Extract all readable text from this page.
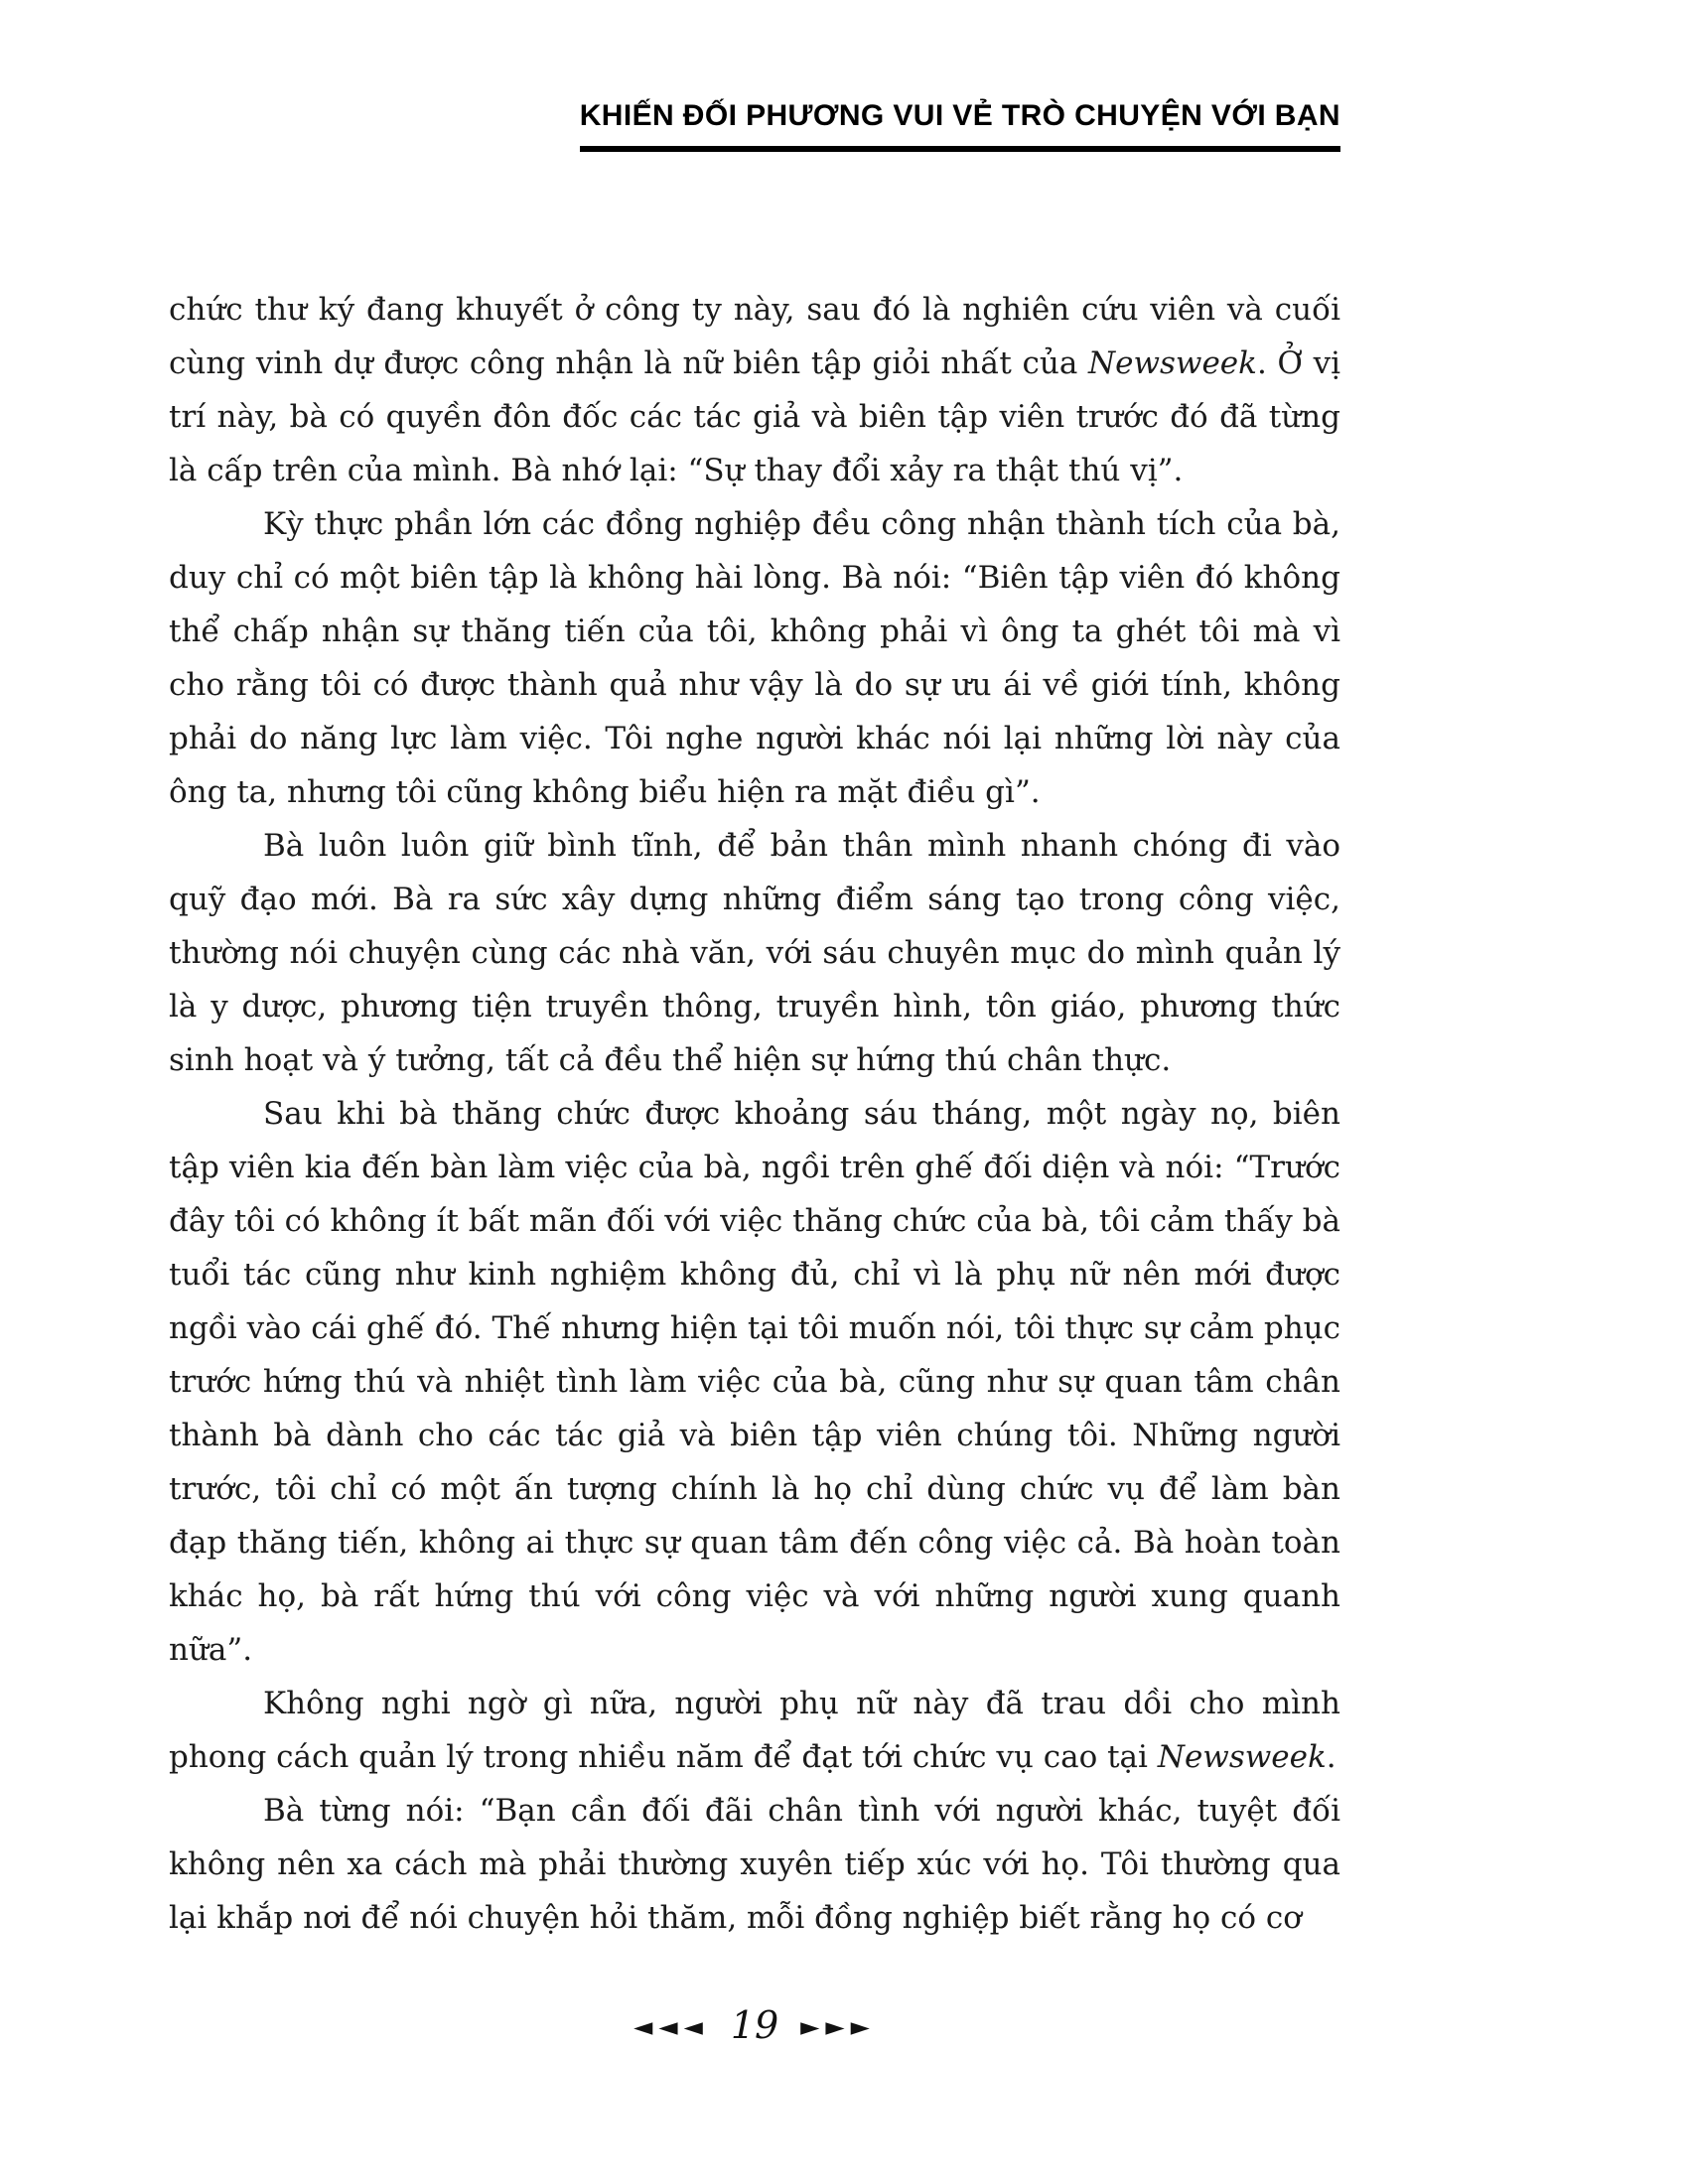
KHIẾN ĐỐI PHƯƠNG VUI VẺ TRÒ CHUYỆN VỚI BẠN

chức thư ký đang khuyết ở công ty này, sau đó là nghiên cứu viên và cuối cùng vinh dự được công nhận là nữ biên tập giỏi nhất của Newsweek. Ở vị trí này, bà có quyền đôn đốc các tác giả và biên tập viên trước đó đã từng là cấp trên của mình. Bà nhớ lại: “Sự thay đổi xảy ra thật thú vị”.

Kỳ thực phần lớn các đồng nghiệp đều công nhận thành tích của bà, duy chỉ có một biên tập là không hài lòng. Bà nói: “Biên tập viên đó không thể chấp nhận sự thăng tiến của tôi, không phải vì ông ta ghét tôi mà vì cho rằng tôi có được thành quả như vậy là do sự ưu ái về giới tính, không phải do năng lực làm việc. Tôi nghe người khác nói lại những lời này của ông ta, nhưng tôi cũng không biểu hiện ra mặt điều gì”.

Bà luôn luôn giữ bình tĩnh, để bản thân mình nhanh chóng đi vào quỹ đạo mới. Bà ra sức xây dựng những điểm sáng tạo trong công việc, thường nói chuyện cùng các nhà văn, với sáu chuyên mục do mình quản lý là y dược, phương tiện truyền thông, truyền hình, tôn giáo, phương thức sinh hoạt và ý tưởng, tất cả đều thể hiện sự hứng thú chân thực.

Sau khi bà thăng chức được khoảng sáu tháng, một ngày nọ, biên tập viên kia đến bàn làm việc của bà, ngồi trên ghế đối diện và nói: “Trước đây tôi có không ít bất mãn đối với việc thăng chức của bà, tôi cảm thấy bà tuổi tác cũng như kinh nghiệm không đủ, chỉ vì là phụ nữ nên mới được ngồi vào cái ghế đó. Thế nhưng hiện tại tôi muốn nói, tôi thực sự cảm phục trước hứng thú và nhiệt tình làm việc của bà, cũng như sự quan tâm chân thành bà dành cho các tác giả và biên tập viên chúng tôi. Những người trước, tôi chỉ có một ấn tượng chính là họ chỉ dùng chức vụ để làm bàn đạp thăng tiến, không ai thực sự quan tâm đến công việc cả. Bà hoàn toàn khác họ, bà rất hứng thú với công việc và với những người xung quanh nữa”.

Không nghi ngờ gì nữa, người phụ nữ này đã trau dồi cho mình phong cách quản lý trong nhiều năm để đạt tới chức vụ cao tại Newsweek.

Bà từng nói: “Bạn cần đối đãi chân tình với người khác, tuyệt đối không nên xa cách mà phải thường xuyên tiếp xúc với họ. Tôi thường qua lại khắp nơi để nói chuyện hỏi thăm, mỗi đồng nghiệp biết rằng họ có cơ

◄◄◄ 19 ►►►
